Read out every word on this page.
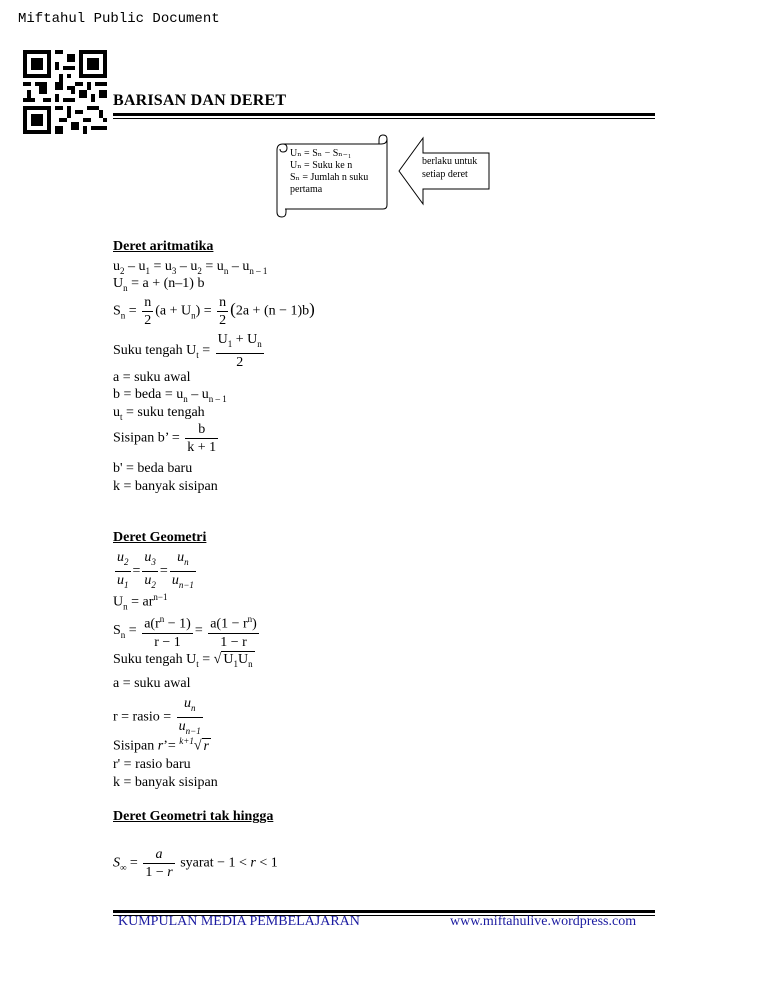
Miftahul Public Document
BARISAN DAN DERET
Uₙ = Sₙ − Sₙ₋₁
Uₙ = Suku ke n
Sₙ = Jumlah n suku
pertama
berlaku untuk
setiap deret
Deret aritmatika
$u_2 - u_1 = u_3 - u_2 = u_n - u_{n - 1}$
$U_n = a + (n-1)$ b
$S_n = \frac{n}{2} (a + U_n) = \frac{n}{2} (2a + (n - 1)b)$
Suku tengah $U_t = \frac{U_1 + U_n}{2}$
a = suku awal
b = beda = $u_n - u_{n - 1}$
$u_t$ = suku tengah
Sisipan b’ = $\frac{b}{k + 1}$
b' = beda baru
k = banyak sisipan
Deret Geometri
$\frac{u_2}{u_1} = \frac{u_3}{u_2} = \frac{u_n}{u_{n-1}}$
$U_n = ar^{n-1}$
$S_n = \frac{a(r^n - 1)}{r - 1} = \frac{a(1 - r^n)}{1 - r}$
Suku tengah $U_t$ = √ $U_1U_n$
a = suku awal
r = rasio = $\frac{u_n}{u_{n-1}}$
Sisipan r’= $^{k+1}$√ r
r' = rasio baru
k = banyak sisipan
Deret Geometri tak hingga
$S_\infty = \frac{a}{1 - r}$ syarat − 1 < r < 1
KUMPULAN MEDIA PEMBELAJARAN	www.miftahulive.wordpress.com
